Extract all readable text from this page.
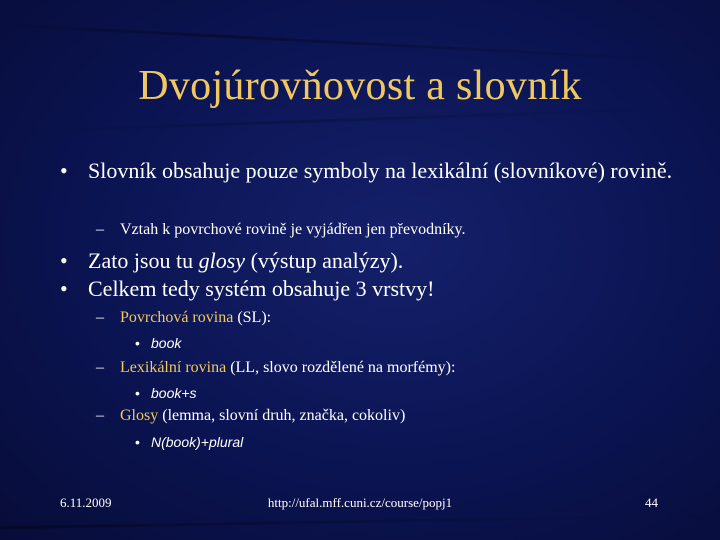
Dvojúrovňovost a slovník
• Slovník obsahuje pouze symboly na lexikální (slovníkové) rovině.
– Vztah k povrchové rovině je vyjádřen jen převodníky.
• Zato jsou tu glosy (výstup analýzy).
• Celkem tedy systém obsahuje 3 vrstvy!
– Povrchová rovina (SL):
• book
– Lexikální rovina (LL, slovo rozdělené na morfémy):
• book+s
– Glosy (lemma, slovní druh, značka, cokoliv)
• N(book)+plural
6.11.2009	http://ufal.mff.cuni.cz/course/popj1	44
